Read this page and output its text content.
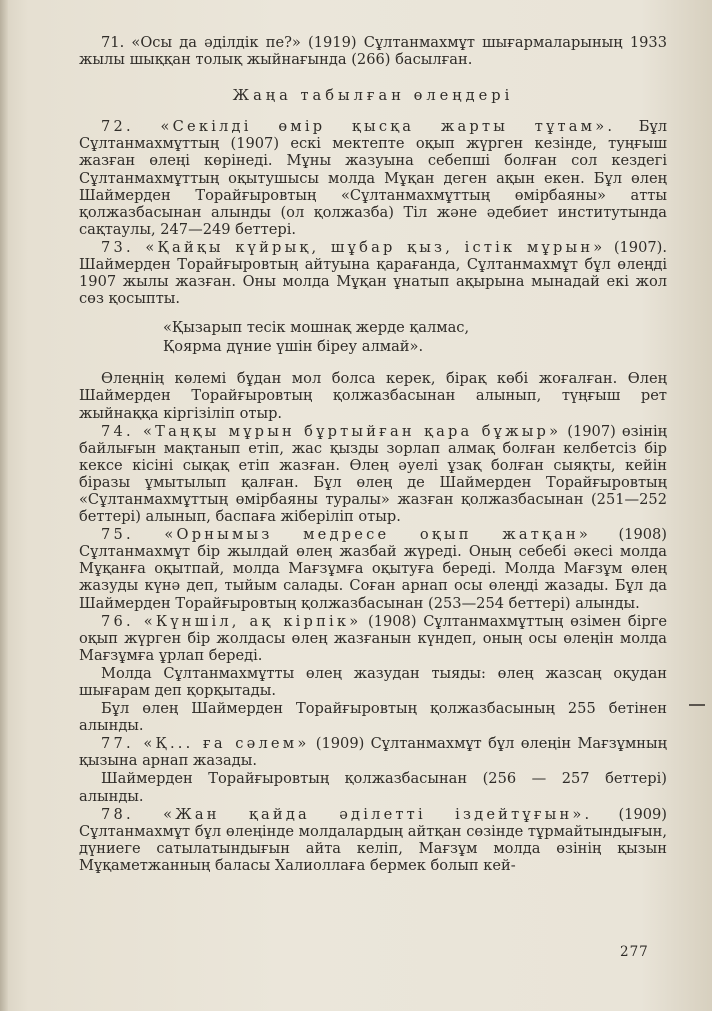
71. «Осы да әділдік пе?» (1919) Сұлтанмахмұт шығармаларының 1933 жылы шыққан толық жыйнағында (266) басылған.

Жаңа табылған өлеңдері

72. «Секілді өмір қысқа жарты тұтам». Бұл Сұлтанмахмұттың (1907) ескі мектепте оқып жүрген кезінде, туңғыш жазған өлеңі көрінеді. Мұны жазуына себепші болған сол кездегі Сұлтанмахмұттың оқытушысы молда Мұқан деген ақын екен. Бұл өлең Шаймерден Торайғыровтың «Сұлтанмахмұттың өмірбаяны» атты қолжазбасынан алынды (ол қолжазба) Тіл және әдебиет институтында сақтаулы, 247—249 беттері.

73. «Қайқы күйрық, шұбар қыз, істік мұрын» (1907). Шаймерден Торайғыровтың айтуына қарағанда, Сұлтанмахмұт бұл өлеңді 1907 жылы жазған. Оны молда Мұқан ұнатып ақырына мынадай екі жол сөз қосыпты.

«Қызарып тесік мошнақ жерде қалмас,
Қоярма дүние үшін біреу алмай».

Өлеңнің көлемі бұдан мол болса керек, бірақ көбі жоғалған. Өлең Шаймерден Торайғыровтың қолжазбасынан алынып, түңғыш рет жыйнаққа кіргізіліп отыр.

74. «Таңқы мұрын бұртыйған қара бұжыр» (1907) өзінің байлығын мақтанып етіп, жас қызды зорлап алмақ болған келбетсіз бір кексе кісіні сықақ етіп жазған. Өлең әуелі ұзақ болған сыяқты, кейін біразы ұмытылып қалған. Бұл өлең де Шаймерден Торайғыровтың «Сұлтанмахмұттың өмірбаяны туралы» жазған қолжазбасынан (251—252 беттері) алынып, баспаға жіберіліп отыр.

75. «Орнымыз медресе оқып жатқан» (1908) Сұлтанмахмұт бір жылдай өлең жазбай жүреді. Оның себебі әкесі молда Мұқанға оқытпай, молда Мағзұмға оқытуға береді. Молда Мағзұм өлең жазуды күнә деп, тыйым салады. Соған арнап осы өлеңді жазады. Бұл да Шаймерден Торайғыровтың қолжазбасынан (253—254 беттері) алынды.

76. «Күншіл, ақ кірпік» (1908) Сұлтанмахмұттың өзімен бірге оқып жүрген бір жолдасы өлең жазғанын күндеп, оның осы өлеңін молда Мағзұмға ұрлап береді.

Молда Сұлтанмахмұтты өлең жазудан тыяды: өлең жазсаң оқудан шығарам деп қорқытады.

Бұл өлең Шаймерден Торайғыровтың қолжазбасының 255 бетінен алынды.

77. «Қ... ға сәлем» (1909) Сұлтанмахмұт бұл өлеңін Мағзұмның қызына арнап жазады.

Шаймерден Торайғыровтың қолжазбасынан (256 — 257 беттері) алынды.

78. «Жан қайда әділетті іздейтұғын». (1909) Сұлтанмахмұт бұл өлеңінде молдалардың айтқан сөзінде тұрмайтындығын, дүниеге сатылатындығын айта келіп, Мағзұм молда өзінің қызын Мұқаметжанның баласы Халиоллаға бермек болып кей-

277
